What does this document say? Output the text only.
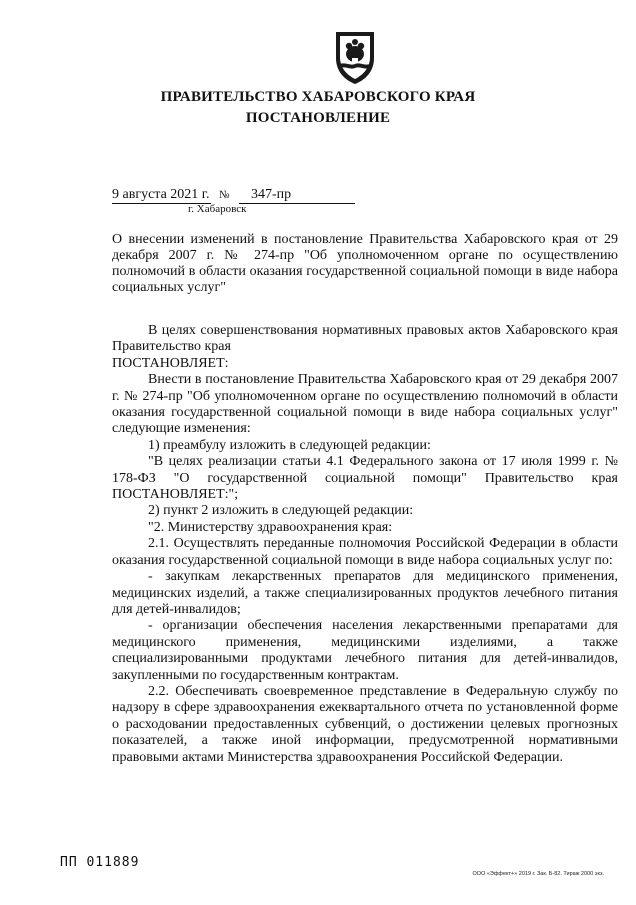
ПРАВИТЕЛЬСТВО ХАБАРОВСКОГО КРАЯ
ПОСТАНОВЛЕНИЕ
9 августа 2021 г. № 347-пр
г. Хабаровск
О внесении изменений в постановление Правительства Хабаровского края от 29 декабря 2007 г. № 274-пр "Об уполномоченном органе по осуществлению полномочий в области оказания государственной социальной помощи в виде набора социальных услуг"

В целях совершенствования нормативных правовых актов Хабаровского края Правительство края

ПОСТАНОВЛЯЕТ:

Внести в постановление Правительства Хабаровского края от 29 декабря 2007 г. № 274-пр "Об уполномоченном органе по осуществлению полномочий в области оказания государственной социальной помощи в виде набора социальных услуг" следующие изменения:

1) преамбулу изложить в следующей редакции:

"В целях реализации статьи 4.1 Федерального закона от 17 июля 1999 г. № 178-ФЗ "О государственной социальной помощи" Правительство края ПОСТАНОВЛЯЕТ:";

2) пункт 2 изложить в следующей редакции:

"2. Министерству здравоохранения края:

2.1. Осуществлять переданные полномочия Российской Федерации в области оказания государственной социальной помощи в виде набора социальных услуг по:

- закупкам лекарственных препаратов для медицинского применения, медицинских изделий, а также специализированных продуктов лечебного питания для детей-инвалидов;

- организации обеспечения населения лекарственными препаратами для медицинского применения, медицинскими изделиями, а также специализированными продуктами лечебного питания для детей-инвалидов, закупленными по государственным контрактам.

2.2. Обеспечивать своевременное представление в Федеральную службу по надзору в сфере здравоохранения ежеквартального отчета по установленной форме о расходовании предоставленных субвенций, о достижении целевых прогнозных показателей, а также иной информации, предусмотренной нормативными правовыми актами Министерства здравоохранения Российской Федерации.

ПП 011889
ООО «Эффект+» 2019 г. Зак. Б-82. Тираж 2000 экз.
